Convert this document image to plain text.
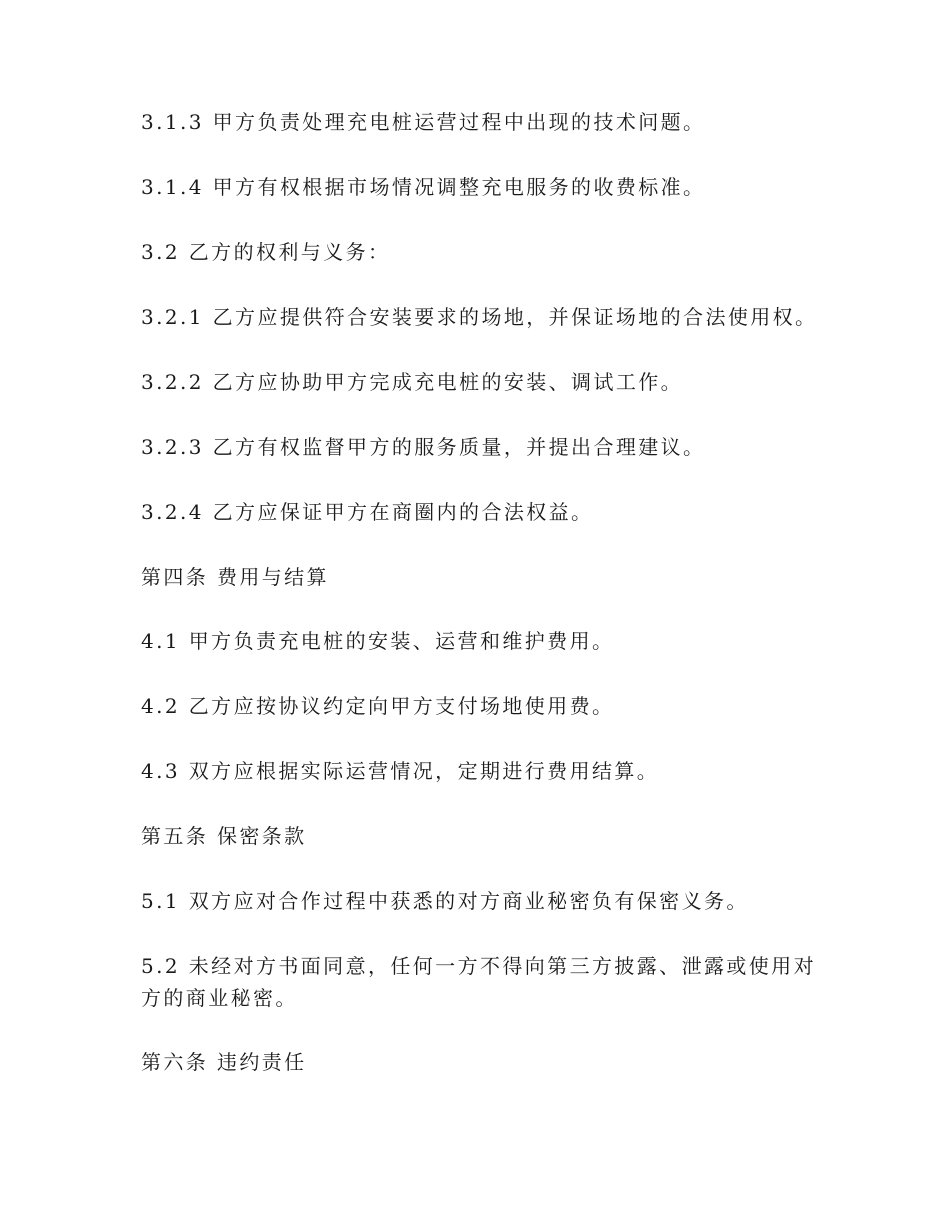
3.1.3 甲方负责处理充电桩运营过程中出现的技术问题。

3.1.4 甲方有权根据市场情况调整充电服务的收费标准。

3.2 乙方的权利与义务：

3.2.1 乙方应提供符合安装要求的场地，并保证场地的合法使用权。

3.2.2 乙方应协助甲方完成充电桩的安装、调试工作。

3.2.3 乙方有权监督甲方的服务质量，并提出合理建议。

3.2.4 乙方应保证甲方在商圈内的合法权益。

第四条 费用与结算

4.1 甲方负责充电桩的安装、运营和维护费用。

4.2 乙方应按协议约定向甲方支付场地使用费。

4.3 双方应根据实际运营情况，定期进行费用结算。

第五条 保密条款

5.1 双方应对合作过程中获悉的对方商业秘密负有保密义务。

5.2 未经对方书面同意，任何一方不得向第三方披露、泄露或使用对方的商业秘密。

第六条 违约责任
